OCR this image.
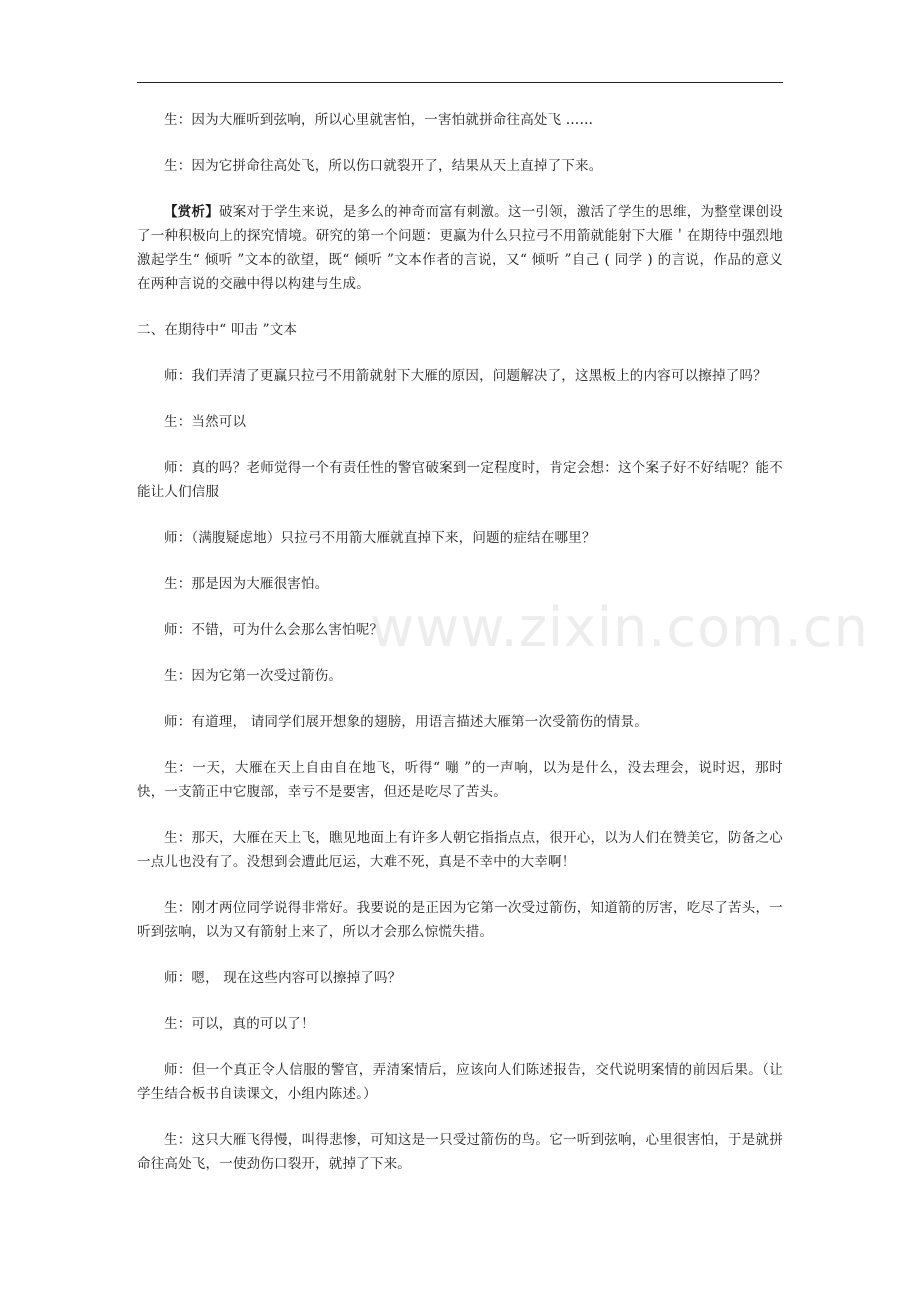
生：因为大雁听到弦响，所以心里就害怕，一害怕就拼命往高处飞 ……

生：因为它拼命往高处飞，所以伤口就裂开了，结果从天上直掉了下来。

【赏析】破案对于学生来说，是多么的神奇而富有刺激。这一引领，激活了学生的思维，为整堂课创设了一种积极向上的探究情境。研究的第一个问题：更赢为什么只拉弓不用箭就能射下大雁＇在期待中强烈地激起学生“ 倾听 ”文本的欲望，既“ 倾听 ”文本作者的言说，又“ 倾听 ”自己 ( 同学 ) 的言说，作品的意义在两种言说的交融中得以构建与生成。

二、在期待中“ 叩击 ”文本

师：我们弄清了更赢只拉弓不用箭就射下大雁的原因，问题解决了，这黑板上的内容可以擦掉了吗？

生：当然可以

师：真的吗？老师觉得一个有责任性的警官破案到一定程度时，肯定会想：这个案子好不好结呢？能不能让人们信服

师：（满腹疑虑地）只拉弓不用箭大雁就直掉下来，问题的症结在哪里？

生：那是因为大雁很害怕。

师：不错，可为什么会那么害怕呢？

生：因为它第一次受过箭伤。

师：有道理， 请同学们展开想象的翅膀，用语言描述大雁第一次受箭伤的情景。

生：一天，大雁在天上自由自在地飞，听得“ 嘣 ”的一声响，以为是什么，没去理会，说时迟，那时快，一支箭正中它腹部，幸亏不是要害，但还是吃尽了苦头。

生：那天，大雁在天上飞，瞧见地面上有许多人朝它指指点点，很开心，以为人们在赞美它，防备之心一点儿也没有了。没想到会遭此厄运，大难不死，真是不幸中的大幸啊！

生：刚才两位同学说得非常好。我要说的是正因为它第一次受过箭伤，知道箭的厉害，吃尽了苦头，一听到弦响，以为又有箭射上来了，所以才会那么惊慌失措。

师：嗯， 现在这些内容可以擦掉了吗？

生：可以，真的可以了！

师：但一个真正令人信服的警官，弄清案情后，应该向人们陈述报告，交代说明案情的前因后果。（让学生结合板书自读课文，小组内陈述。）

生：这只大雁飞得慢，叫得悲惨，可知这是一只受过箭伤的鸟。它一听到弦响，心里很害怕，于是就拼命往高处飞，一使劲伤口裂开，就掉了下来。

www.zixin.com.cn
